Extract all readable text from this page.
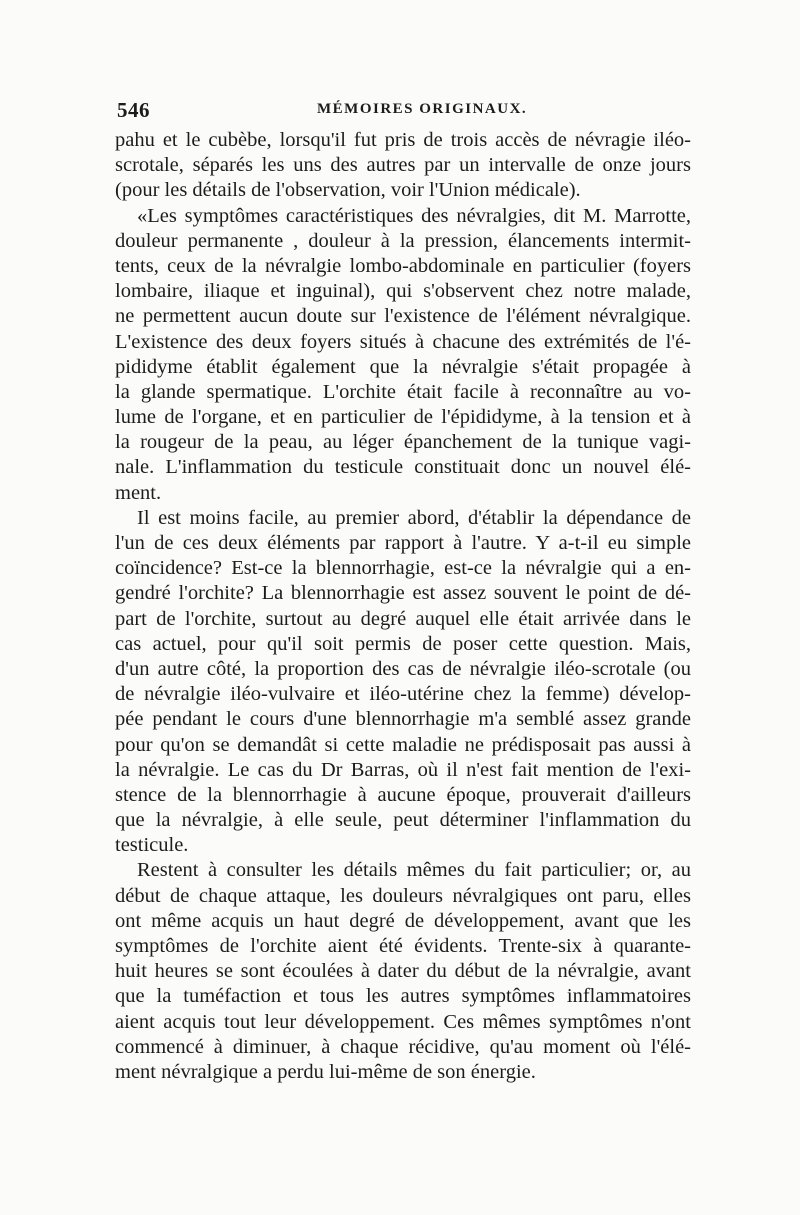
546	MÉMOIRES ORIGINAUX.
pahu et le cubèbe, lorsqu'il fut pris de trois accès de névragie iléo-
scrotale, séparés les uns des autres par un intervalle de onze jours
(pour les détails de l'observation, voir l'Union médicale).
«Les symptômes caractéristiques des névralgies, dit M. Marrotte,
douleur permanente , douleur à la pression, élancements intermit-
tents, ceux de la névralgie lombo-abdominale en particulier (foyers
lombaire, iliaque et inguinal), qui s'observent chez notre malade,
ne permettent aucun doute sur l'existence de l'élément névralgique.
L'existence des deux foyers situés à chacune des extrémités de l'é-
pididyme établit également que la névralgie s'était propagée à
la glande spermatique. L'orchite était facile à reconnaître au vo-
lume de l'organe, et en particulier de l'épididyme, à la tension et à
la rougeur de la peau, au léger épanchement de la tunique vagi-
nale. L'inflammation du testicule constituait donc un nouvel élé-
ment.
Il est moins facile, au premier abord, d'établir la dépendance de
l'un de ces deux éléments par rapport à l'autre. Y a-t-il eu simple
coïncidence? Est-ce la blennorrhagie, est-ce la névralgie qui a en-
gendré l'orchite? La blennorrhagie est assez souvent le point de dé-
part de l'orchite, surtout au degré auquel elle était arrivée dans le
cas actuel, pour qu'il soit permis de poser cette question. Mais,
d'un autre côté, la proportion des cas de névralgie iléo-scrotale (ou
de névralgie iléo-vulvaire et iléo-utérine chez la femme) dévelop-
pée pendant le cours d'une blennorrhagie m'a semblé assez grande
pour qu'on se demandât si cette maladie ne prédisposait pas aussi à
la névralgie. Le cas du Dr Barras, où il n'est fait mention de l'exi-
stence de la blennorrhagie à aucune époque, prouverait d'ailleurs
que la névralgie, à elle seule, peut déterminer l'inflammation du
testicule.
Restent à consulter les détails mêmes du fait particulier; or, au
début de chaque attaque, les douleurs névralgiques ont paru, elles
ont même acquis un haut degré de développement, avant que les
symptômes de l'orchite aient été évidents. Trente-six à quarante-
huit heures se sont écoulées à dater du début de la névralgie, avant
que la tuméfaction et tous les autres symptômes inflammatoires
aient acquis tout leur développement. Ces mêmes symptômes n'ont
commencé à diminuer, à chaque récidive, qu'au moment où l'élé-
ment névralgique a perdu lui-même de son énergie.
